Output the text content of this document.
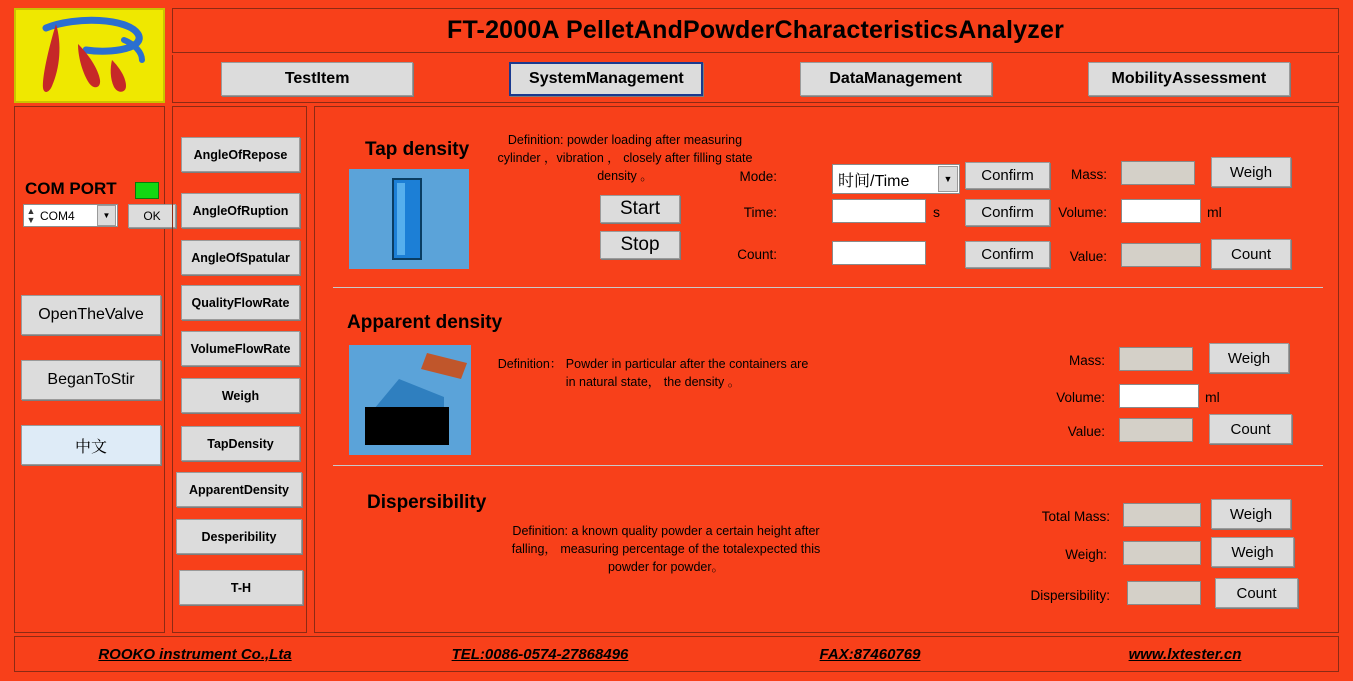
FT-2000A PelletAndPowderCharacteristicsAnalyzer
TestItem	SystemManagement	DataManagement	MobilityAssessment
COM PORT
▲
▼ COM4	▼	OK
OpenTheValve
BeganToStir
中文
AngleOfRepose
AngleOfRuption
AngleOfSpatular
QualityFlowRate
VolumeFlowRate
Weigh
TapDensity
ApparentDensity
Desperibility
T-H
Tap density	Definition: powder loading after measuring cylinder ，vibration ， closely after filling state density 。
Start
Stop
Mode:	时间/Time	▼	Confirm
Time:	s	Confirm
Count:	Confirm
Mass:	Weigh
Volume:	ml
Value:	Count
Apparent density
Definition： Powder in particular after the containers are in natural state， the density 。
Mass:	Weigh
Volume:	ml
Value:	Count
Dispersibility
Definition: a known quality powder a certain height after falling， measuring percentage of the totalexpected this powder for powder。
Total Mass:	Weigh
Weigh:	Weigh
Dispersibility:	Count
ROOKO instrument Co.,Lta	TEL:0086-0574-27868496	FAX:87460769	www.lxtester.cn
